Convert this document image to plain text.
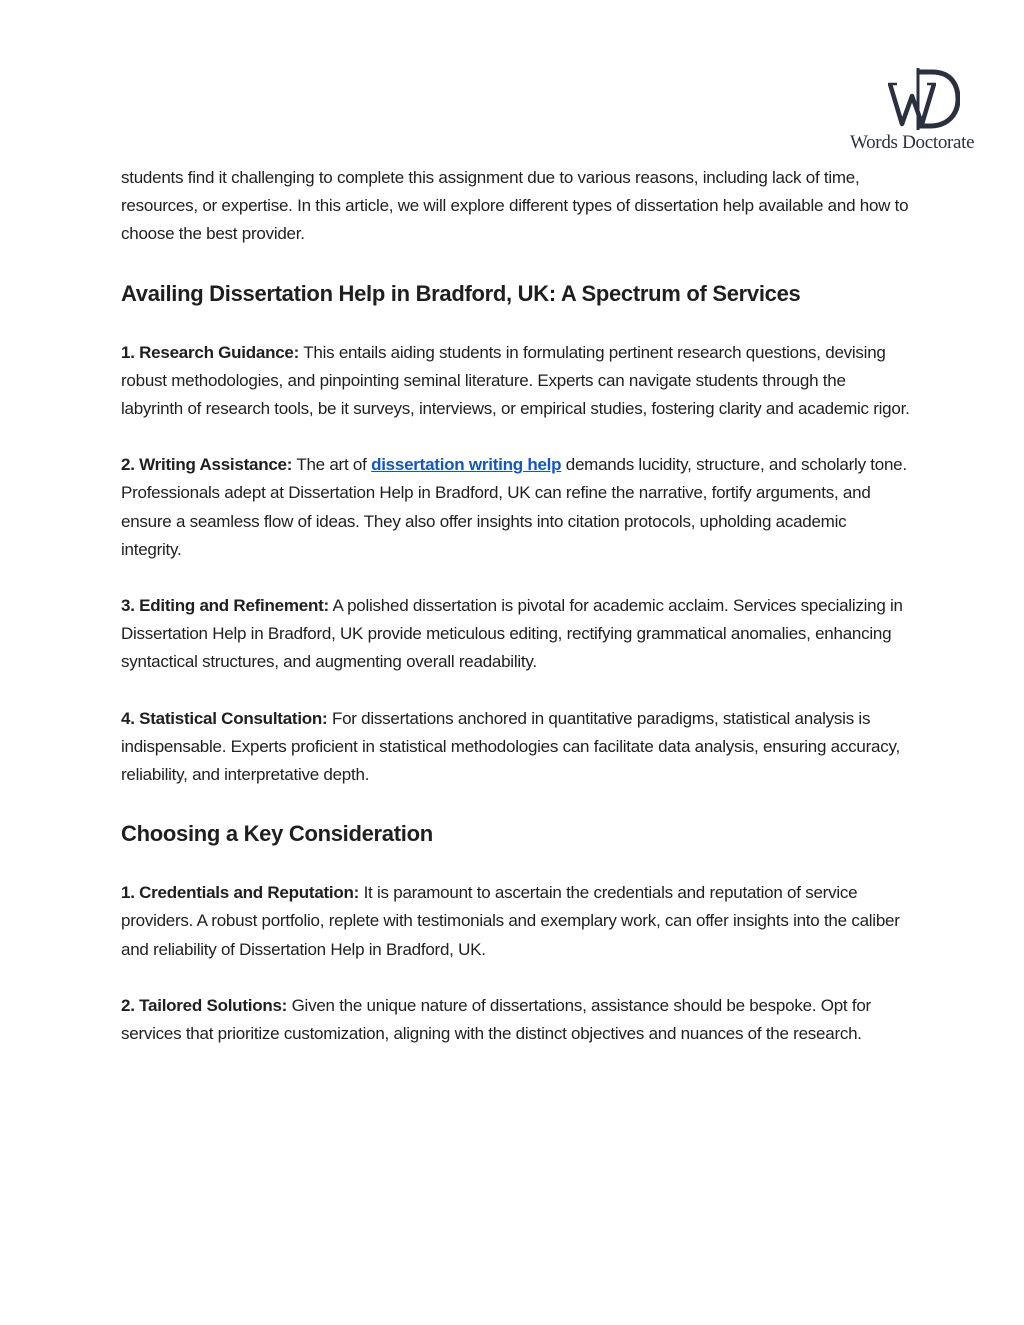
Words Doctorate

students find it challenging to complete this assignment due to various reasons, including lack of time, resources, or expertise. In this article, we will explore different types of dissertation help available and how to choose the best provider.

Availing Dissertation Help in Bradford, UK: A Spectrum of Services

1. Research Guidance: This entails aiding students in formulating pertinent research questions, devising robust methodologies, and pinpointing seminal literature. Experts can navigate students through the labyrinth of research tools, be it surveys, interviews, or empirical studies, fostering clarity and academic rigor.

2. Writing Assistance: The art of dissertation writing help demands lucidity, structure, and scholarly tone. Professionals adept at Dissertation Help in Bradford, UK can refine the narrative, fortify arguments, and ensure a seamless flow of ideas. They also offer insights into citation protocols, upholding academic integrity.

3. Editing and Refinement: A polished dissertation is pivotal for academic acclaim. Services specializing in Dissertation Help in Bradford, UK provide meticulous editing, rectifying grammatical anomalies, enhancing syntactical structures, and augmenting overall readability.

4. Statistical Consultation: For dissertations anchored in quantitative paradigms, statistical analysis is indispensable. Experts proficient in statistical methodologies can facilitate data analysis, ensuring accuracy, reliability, and interpretative depth.

Choosing a Key Consideration

1. Credentials and Reputation: It is paramount to ascertain the credentials and reputation of service providers. A robust portfolio, replete with testimonials and exemplary work, can offer insights into the caliber and reliability of Dissertation Help in Bradford, UK.

2. Tailored Solutions: Given the unique nature of dissertations, assistance should be bespoke. Opt for services that prioritize customization, aligning with the distinct objectives and nuances of the research.
